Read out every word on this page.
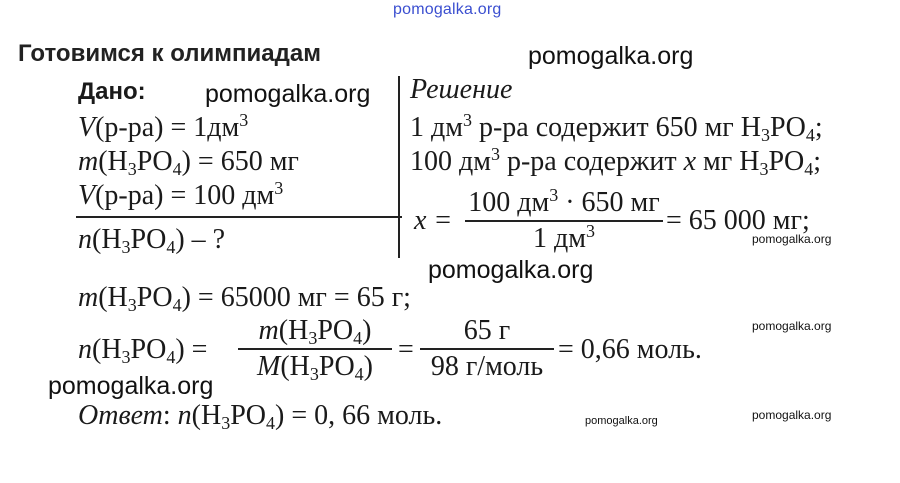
pomogalka.org
pomogalka.org
pomogalka.org
pomogalka.org
pomogalka.org
pomogalka.org
pomogalka.org
pomogalka.org
pomogalka.org
Готовимся к олимпиадам
Дано:
$V(р-ра) = 1дм^3$
$m(H_3PO_4) = 650$ мг
V(р-ра) = 100 $дм^3$
$n(H_3PO_4)$ – ?
Решение
1 $дм^3$ р-ра содержит 650 мг $H_3PO_4$;
100 $дм^3$ р-ра содержит x мг $H_3PO_4$;
x =
100 $дм^3 \cdot 650$ мг
1 $дм^3$	= 65 000 мг;
$m(H_3PO_4) = 65000$ мг = 65 г;
$n(H_3PO_4)$ =
$m(H_3PO_4)$
$M(H_3PO_4)$
=
65 г
98 г/моль
= 0,66 моль.
Ответ: $n(H_3PO_4) = 0$, 66 моль.
